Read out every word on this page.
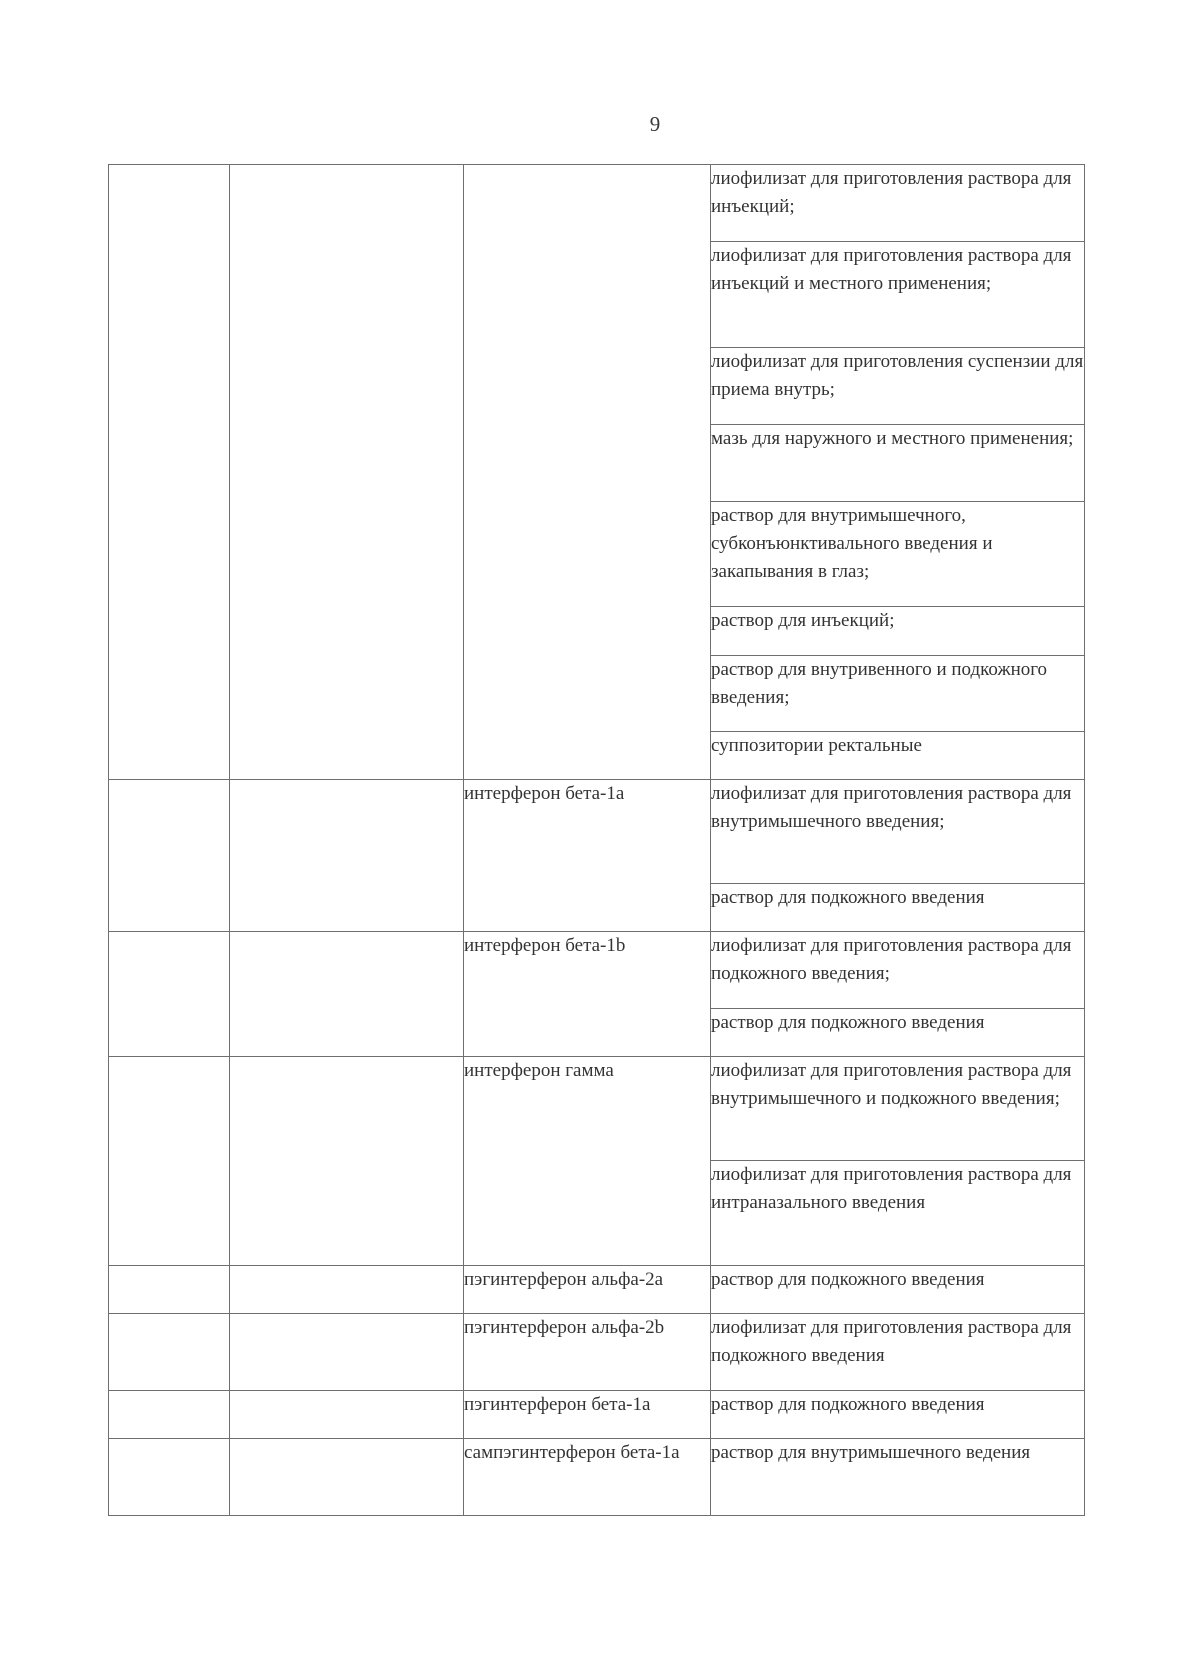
9

			лиофилизат для приготовления раствора для инъекций;

			лиофилизат для приготовления раствора для инъекций и местного применения;

			лиофилизат для приготовления суспензии для приема внутрь;

			мазь для наружного и местного применения;

			раствор для внутримышечного, субконъюнктивального введения и закапывания в глаз;

			раствор для инъекций;

			раствор для внутривенного и подкожного введения;

			суппозитории ректальные

		интерферон бета-1a	лиофилизат для приготовления раствора для внутримышечного введения;

			раствор для подкожного введения

		интерферон бета-1b	лиофилизат для приготовления раствора для подкожного введения;

			раствор для подкожного введения

		интерферон гамма	лиофилизат для приготовления раствора для внутримышечного и подкожного введения;

			лиофилизат для приготовления раствора для интраназального введения

		пэгинтерферон альфа-2a	раствор для подкожного введения

		пэгинтерферон альфа-2b	лиофилизат для приготовления раствора для подкожного введения

		пэгинтерферон бета-1a	раствор для подкожного введения

		сампэгинтерферон бета-1a	раствор для внутримышечного ведения
